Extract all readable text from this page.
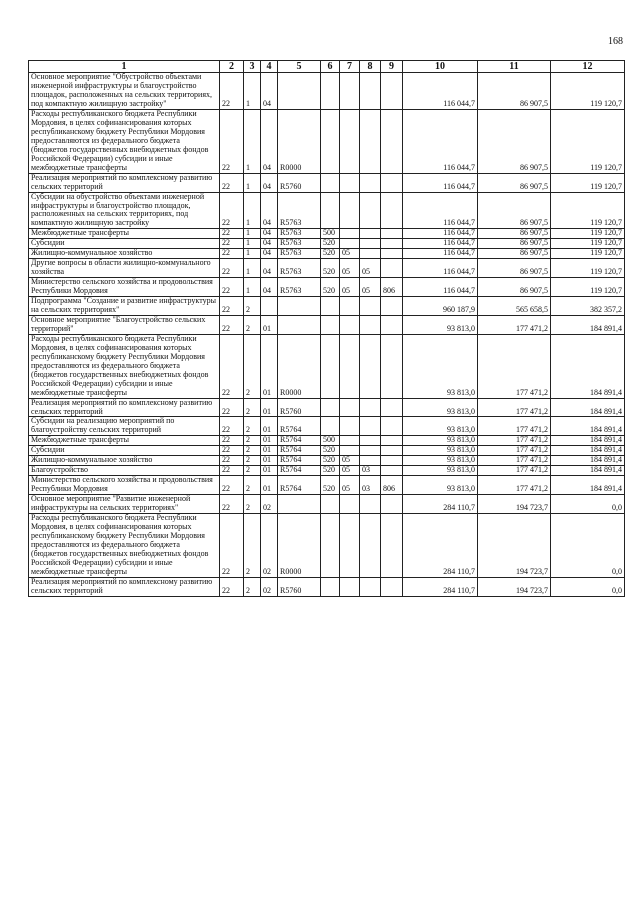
168
1	2	3	4	5	6	7	8	9	10	11	12
Основное мероприятие "Обустройство объектами инженерной инфраструктуры и благоустройство площадок, расположенных на сельских территориях, под компактную жилищную застройку"	22	1	04						116 044,7	86 907,5	119 120,7
Расходы республиканского бюджета Республики Мордовия, в целях софинансирования которых республиканскому бюджету Республики Мордовия предоставляются из федерального бюджета (бюджетов государственных внебюджетных фондов Российской Федерации) субсидии и иные межбюджетные трансферты	22	1	04	R0000					116 044,7	86 907,5	119 120,7
Реализация мероприятий по комплексному развитию сельских территорий	22	1	04	R5760					116 044,7	86 907,5	119 120,7
Субсидии на обустройство объектами инженерной инфраструктуры и благоустройство площадок, расположенных на сельских территориях, под компактную жилищную застройку	22	1	04	R5763					116 044,7	86 907,5	119 120,7
Межбюджетные трансферты	22	1	04	R5763	500				116 044,7	86 907,5	119 120,7
Субсидии	22	1	04	R5763	520				116 044,7	86 907,5	119 120,7
Жилищно-коммунальное хозяйство	22	1	04	R5763	520	05			116 044,7	86 907,5	119 120,7
Другие вопросы в области жилищно-коммунального хозяйства	22	1	04	R5763	520	05	05		116 044,7	86 907,5	119 120,7
Министерство сельского хозяйства и продовольствия Республики Мордовия	22	1	04	R5763	520	05	05	806	116 044,7	86 907,5	119 120,7
Подпрограмма "Создание и развитие инфраструктуры на сельских территориях"	22	2							960 187,9	565 658,5	382 357,2
Основное мероприятие "Благоустройство сельских территорий"	22	2	01						93 813,0	177 471,2	184 891,4
Расходы республиканского бюджета Республики Мордовия, в целях софинансирования которых республиканскому бюджету Республики Мордовия предоставляются из федерального бюджета (бюджетов государственных внебюджетных фондов Российской Федерации) субсидии и иные межбюджетные трансферты	22	2	01	R0000					93 813,0	177 471,2	184 891,4
Реализация мероприятий по комплексному развитию сельских территорий	22	2	01	R5760					93 813,0	177 471,2	184 891,4
Субсидии на реализацию мероприятий по благоустройству сельских территорий	22	2	01	R5764					93 813,0	177 471,2	184 891,4
Межбюджетные трансферты	22	2	01	R5764	500				93 813,0	177 471,2	184 891,4
Субсидии	22	2	01	R5764	520				93 813,0	177 471,2	184 891,4
Жилищно-коммунальное хозяйство	22	2	01	R5764	520	05			93 813,0	177 471,2	184 891,4
Благоустройство	22	2	01	R5764	520	05	03		93 813,0	177 471,2	184 891,4
Министерство сельского хозяйства и продовольствия Республики Мордовия	22	2	01	R5764	520	05	03	806	93 813,0	177 471,2	184 891,4
Основное мероприятие "Развитие инженерной инфраструктуры на сельских территориях"	22	2	02						284 110,7	194 723,7	0,0
Расходы республиканского бюджета Республики Мордовия, в целях софинансирования которых республиканскому бюджету Республики Мордовия предоставляются из федерального бюджета (бюджетов государственных внебюджетных фондов Российской Федерации) субсидии и иные межбюджетные трансферты	22	2	02	R0000					284 110,7	194 723,7	0,0
Реализация мероприятий по комплексному развитию сельских территорий	22	2	02	R5760					284 110,7	194 723,7	0,0
